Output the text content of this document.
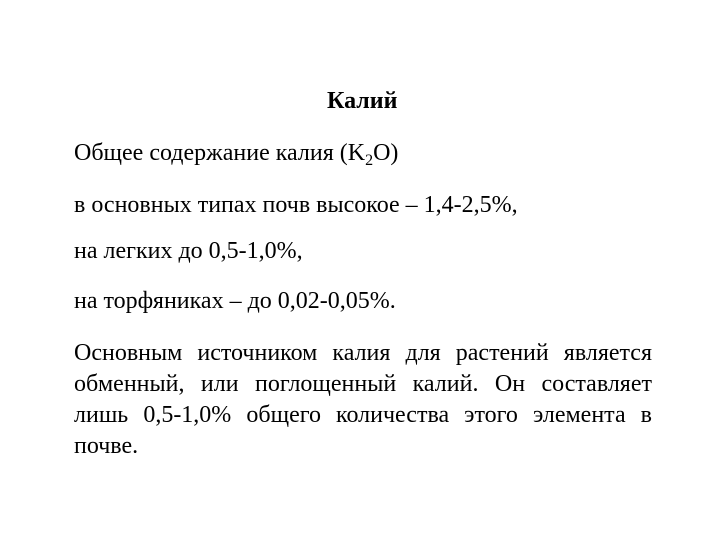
Калий
Общее содержание калия $(K_2O)$
в основных типах почв высокое – 1,4-2,5%,
на легких до 0,5-1,0%,
на торфяниках – до 0,02-0,05%.
Основным источником калия для растений является обменный, или поглощенный калий. Он составляет лишь 0,5-1,0% общего количества этого элемента в почве.
